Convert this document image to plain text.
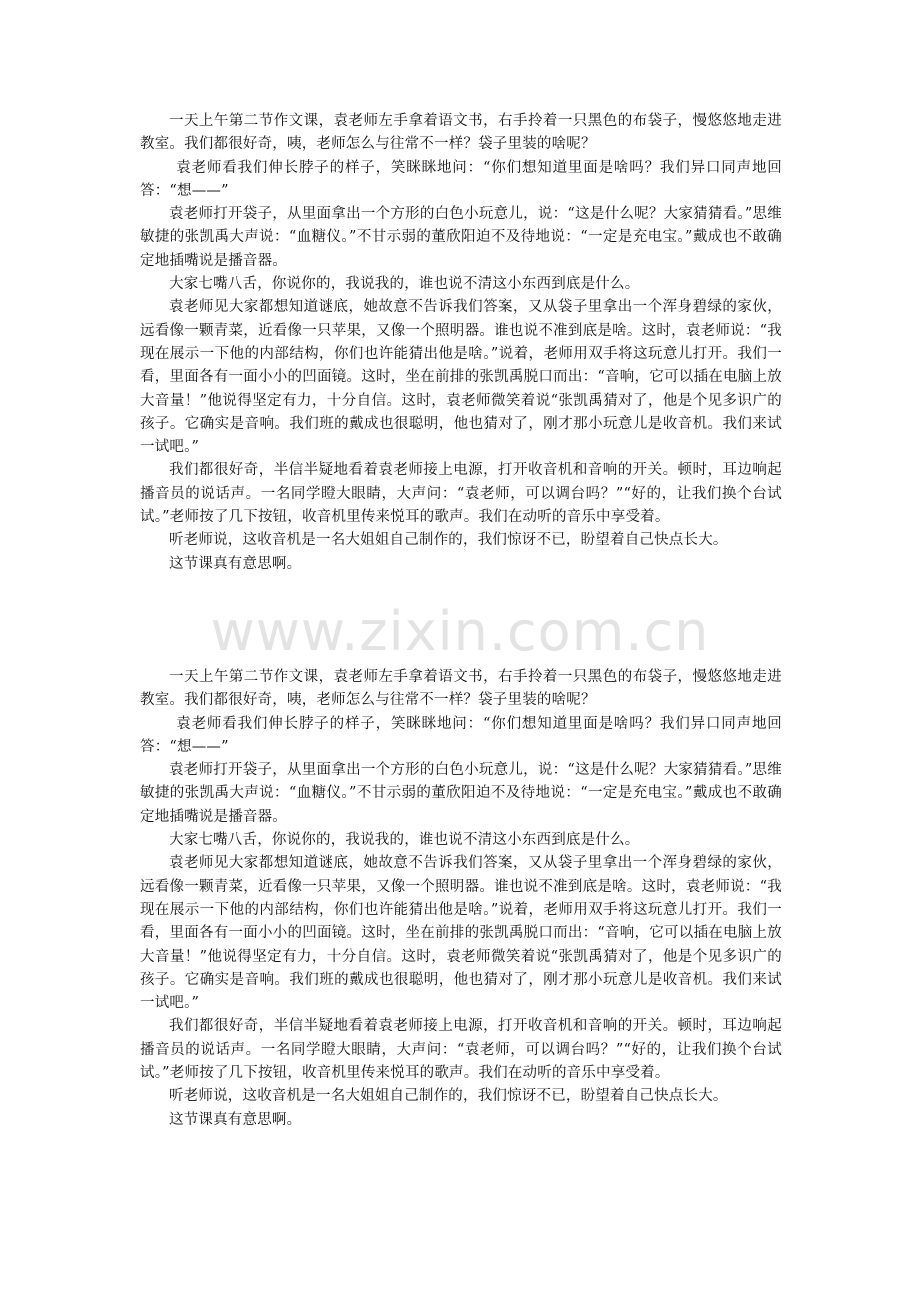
一天上午第二节作文课，袁老师左手拿着语文书，右手拎着一只黑色的布袋子，慢悠悠地走进教室。我们都很好奇，咦，老师怎么与往常不一样？袋子里装的啥呢？

袁老师看我们伸长脖子的样子，笑眯眯地问：“你们想知道里面是啥吗？我们异口同声地回答：“想——”

袁老师打开袋子，从里面拿出一个方形的白色小玩意儿，说：“这是什么呢？大家猜猜看。”思维敏捷的张凯禹大声说：“血糖仪。”不甘示弱的董欣阳迫不及待地说：“一定是充电宝。”戴成也不敢确定地插嘴说是播音器。

大家七嘴八舌，你说你的，我说我的，谁也说不清这小东西到底是什么。

袁老师见大家都想知道谜底，她故意不告诉我们答案，又从袋子里拿出一个浑身碧绿的家伙，远看像一颗青菜，近看像一只苹果，又像一个照明器。谁也说不准到底是啥。这时，袁老师说：“我现在展示一下他的内部结构，你们也许能猜出他是啥。”说着，老师用双手将这玩意儿打开。我们一看，里面各有一面小小的凹面镜。这时，坐在前排的张凯禹脱口而出：“音响，它可以插在电脑上放大音量！”他说得坚定有力，十分自信。这时，袁老师微笑着说“张凯禹猜对了，他是个见多识广的孩子。它确实是音响。我们班的戴成也很聪明，他也猜对了，刚才那小玩意儿是收音机。我们来试一试吧。”

我们都很好奇，半信半疑地看着袁老师接上电源，打开收音机和音响的开关。顿时，耳边响起播音员的说话声。一名同学瞪大眼睛，大声问：“袁老师，可以调台吗？”“好的，让我们换个台试试。”老师按了几下按钮，收音机里传来悦耳的歌声。我们在动听的音乐中享受着。

听老师说，这收音机是一名大姐姐自己制作的，我们惊讶不已，盼望着自己快点长大。

这节课真有意思啊。

www.zixin.com.cn

一天上午第二节作文课，袁老师左手拿着语文书，右手拎着一只黑色的布袋子，慢悠悠地走进教室。我们都很好奇，咦，老师怎么与往常不一样？袋子里装的啥呢？

袁老师看我们伸长脖子的样子，笑眯眯地问：“你们想知道里面是啥吗？我们异口同声地回答：“想——”

袁老师打开袋子，从里面拿出一个方形的白色小玩意儿，说：“这是什么呢？大家猜猜看。”思维敏捷的张凯禹大声说：“血糖仪。”不甘示弱的董欣阳迫不及待地说：“一定是充电宝。”戴成也不敢确定地插嘴说是播音器。

大家七嘴八舌，你说你的，我说我的，谁也说不清这小东西到底是什么。

袁老师见大家都想知道谜底，她故意不告诉我们答案，又从袋子里拿出一个浑身碧绿的家伙，远看像一颗青菜，近看像一只苹果，又像一个照明器。谁也说不准到底是啥。这时，袁老师说：“我现在展示一下他的内部结构，你们也许能猜出他是啥。”说着，老师用双手将这玩意儿打开。我们一看，里面各有一面小小的凹面镜。这时，坐在前排的张凯禹脱口而出：“音响，它可以插在电脑上放大音量！”他说得坚定有力，十分自信。这时，袁老师微笑着说“张凯禹猜对了，他是个见多识广的孩子。它确实是音响。我们班的戴成也很聪明，他也猜对了，刚才那小玩意儿是收音机。我们来试一试吧。”

我们都很好奇，半信半疑地看着袁老师接上电源，打开收音机和音响的开关。顿时，耳边响起播音员的说话声。一名同学瞪大眼睛，大声问：“袁老师，可以调台吗？”“好的，让我们换个台试试。”老师按了几下按钮，收音机里传来悦耳的歌声。我们在动听的音乐中享受着。

听老师说，这收音机是一名大姐姐自己制作的，我们惊讶不已，盼望着自己快点长大。

这节课真有意思啊。
